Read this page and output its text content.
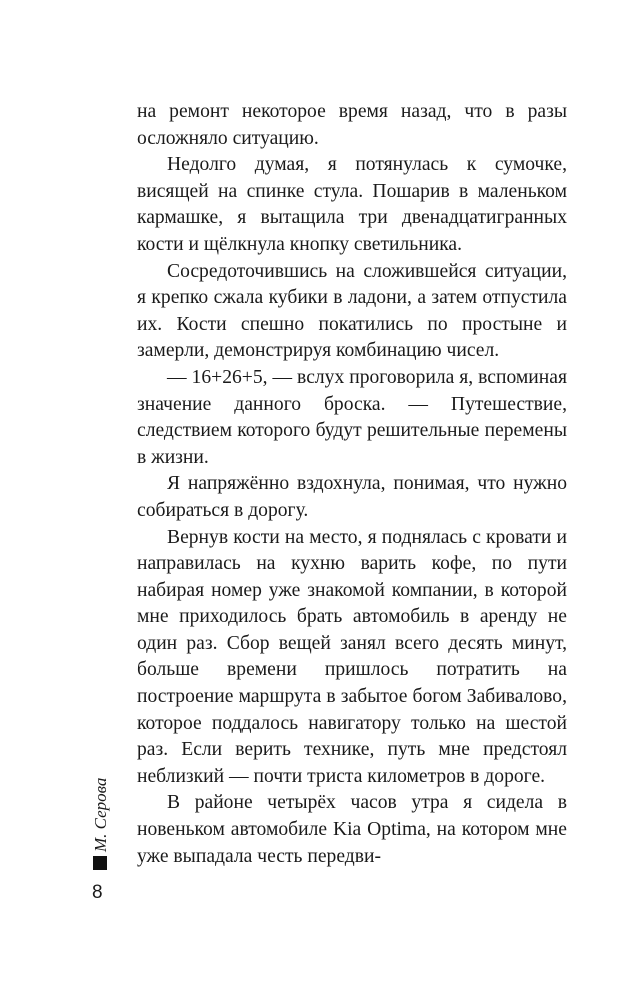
на ремонт некоторое время назад, что в разы осложняло ситуацию.

Недолго думая, я потянулась к сумочке, висящей на спинке стула. Пошарив в маленьком кармашке, я вытащила три двенадцатигранных кости и щёлкнула кнопку светильника.

Сосредоточившись на сложившейся ситуации, я крепко сжала кубики в ладони, а затем отпустила их. Кости спешно покатились по простыне и замерли, демонстрируя комбинацию чисел.

— 16+26+5, — вслух проговорила я, вспоминая значение данного броска. — Путешествие, следствием которого будут решительные перемены в жизни.

Я напряжённо вздохнула, понимая, что нужно собираться в дорогу.

Вернув кости на место, я поднялась с кровати и направилась на кухню варить кофе, по пути набирая номер уже знакомой компании, в которой мне приходилось брать автомобиль в аренду не один раз. Сбор вещей занял всего десять минут, больше времени пришлось потратить на построение маршрута в забытое богом Забивалово, которое поддалось навигатору только на шестой раз. Если верить технике, путь мне предстоял неблизкий — почти триста километров в дороге.

В районе четырёх часов утра я сидела в новеньком автомобиле Kia Optima, на котором мне уже выпадала честь передви-

М. Серова
8
